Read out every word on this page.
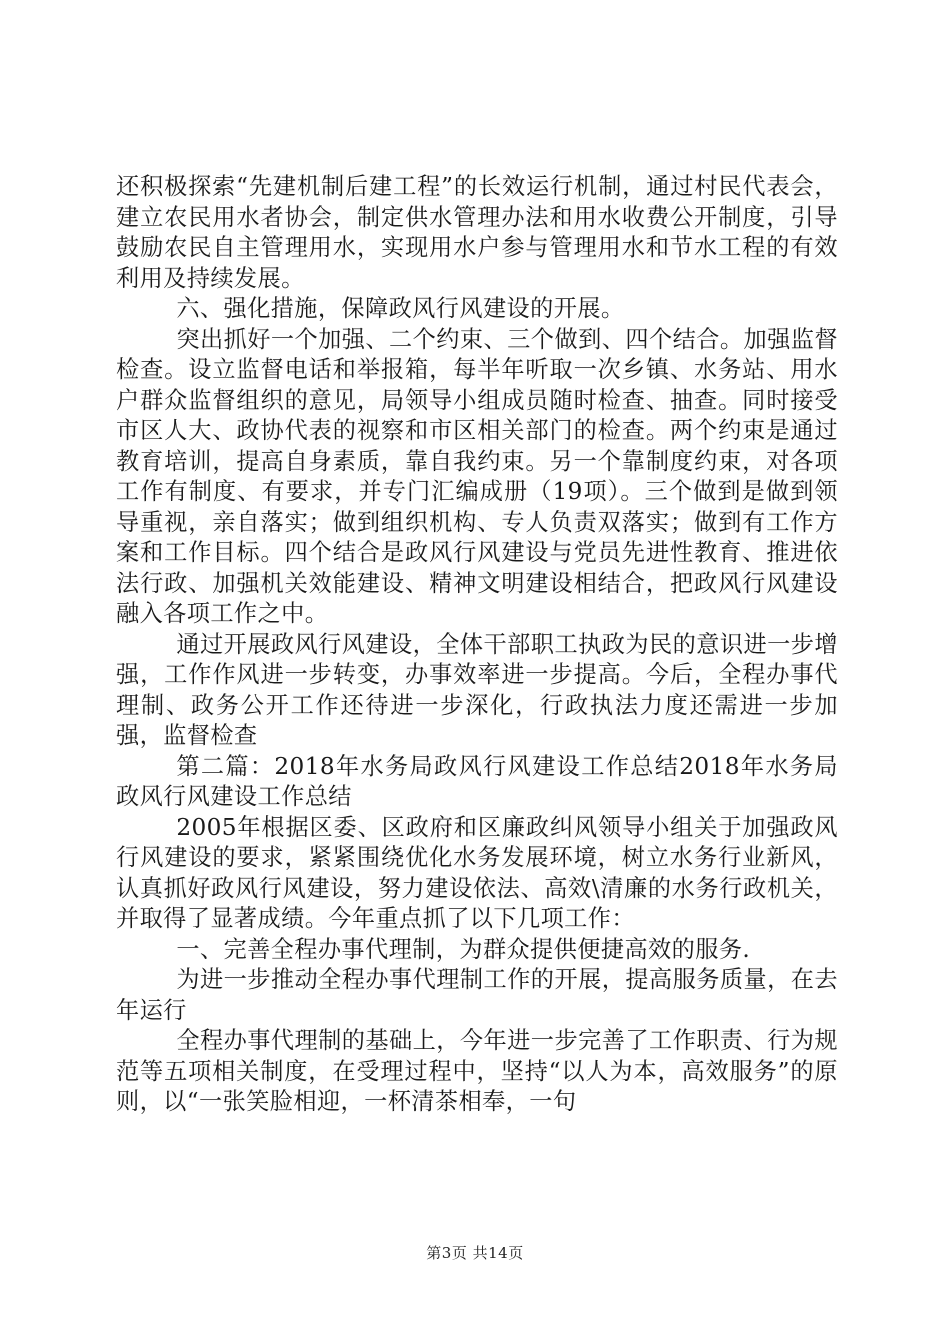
还积极探索“先建机制后建工程”的长效运行机制，通过村民代表会，建立农民用水者协会，制定供水管理办法和用水收费公开制度，引导鼓励农民自主管理用水，实现用水户参与管理用水和节水工程的有效利用及持续发展。

六、强化措施，保障政风行风建设的开展。

突出抓好一个加强、二个约束、三个做到、四个结合。加强监督检查。设立监督电话和举报箱，每半年听取一次乡镇、水务站、用水户群众监督组织的意见，局领导小组成员随时检查、抽查。同时接受市区人大、政协代表的视察和市区相关部门的检查。两个约束是通过教育培训，提高自身素质，靠自我约束。另一个靠制度约束，对各项工作有制度、有要求，并专门汇编成册（19项）。三个做到是做到领导重视，亲自落实；做到组织机构、专人负责双落实；做到有工作方案和工作目标。四个结合是政风行风建设与党员先进性教育、推进依法行政、加强机关效能建设、精神文明建设相结合，把政风行风建设融入各项工作之中。

通过开展政风行风建设，全体干部职工执政为民的意识进一步增强，工作作风进一步转变，办事效率进一步提高。今后，全程办事代理制、政务公开工作还待进一步深化，行政执法力度还需进一步加强，监督检查

第二篇：2018年水务局政风行风建设工作总结2018年水务局政风行风建设工作总结

2005年根据区委、区政府和区廉政纠风领导小组关于加强政风行风建设的要求，紧紧围绕优化水务发展环境，树立水务行业新风，认真抓好政风行风建设，努力建设依法、高效\清廉的水务行政机关，并取得了显著成绩。今年重点抓了以下几项工作：

一、完善全程办事代理制，为群众提供便捷高效的服务.

为进一步推动全程办事代理制工作的开展，提高服务质量，在去年运行

全程办事代理制的基础上，今年进一步完善了工作职责、行为规范等五项相关制度，在受理过程中，坚持“以人为本，高效服务”的原则，以“一张笑脸相迎，一杯清茶相奉，一句

第3页 共14页
